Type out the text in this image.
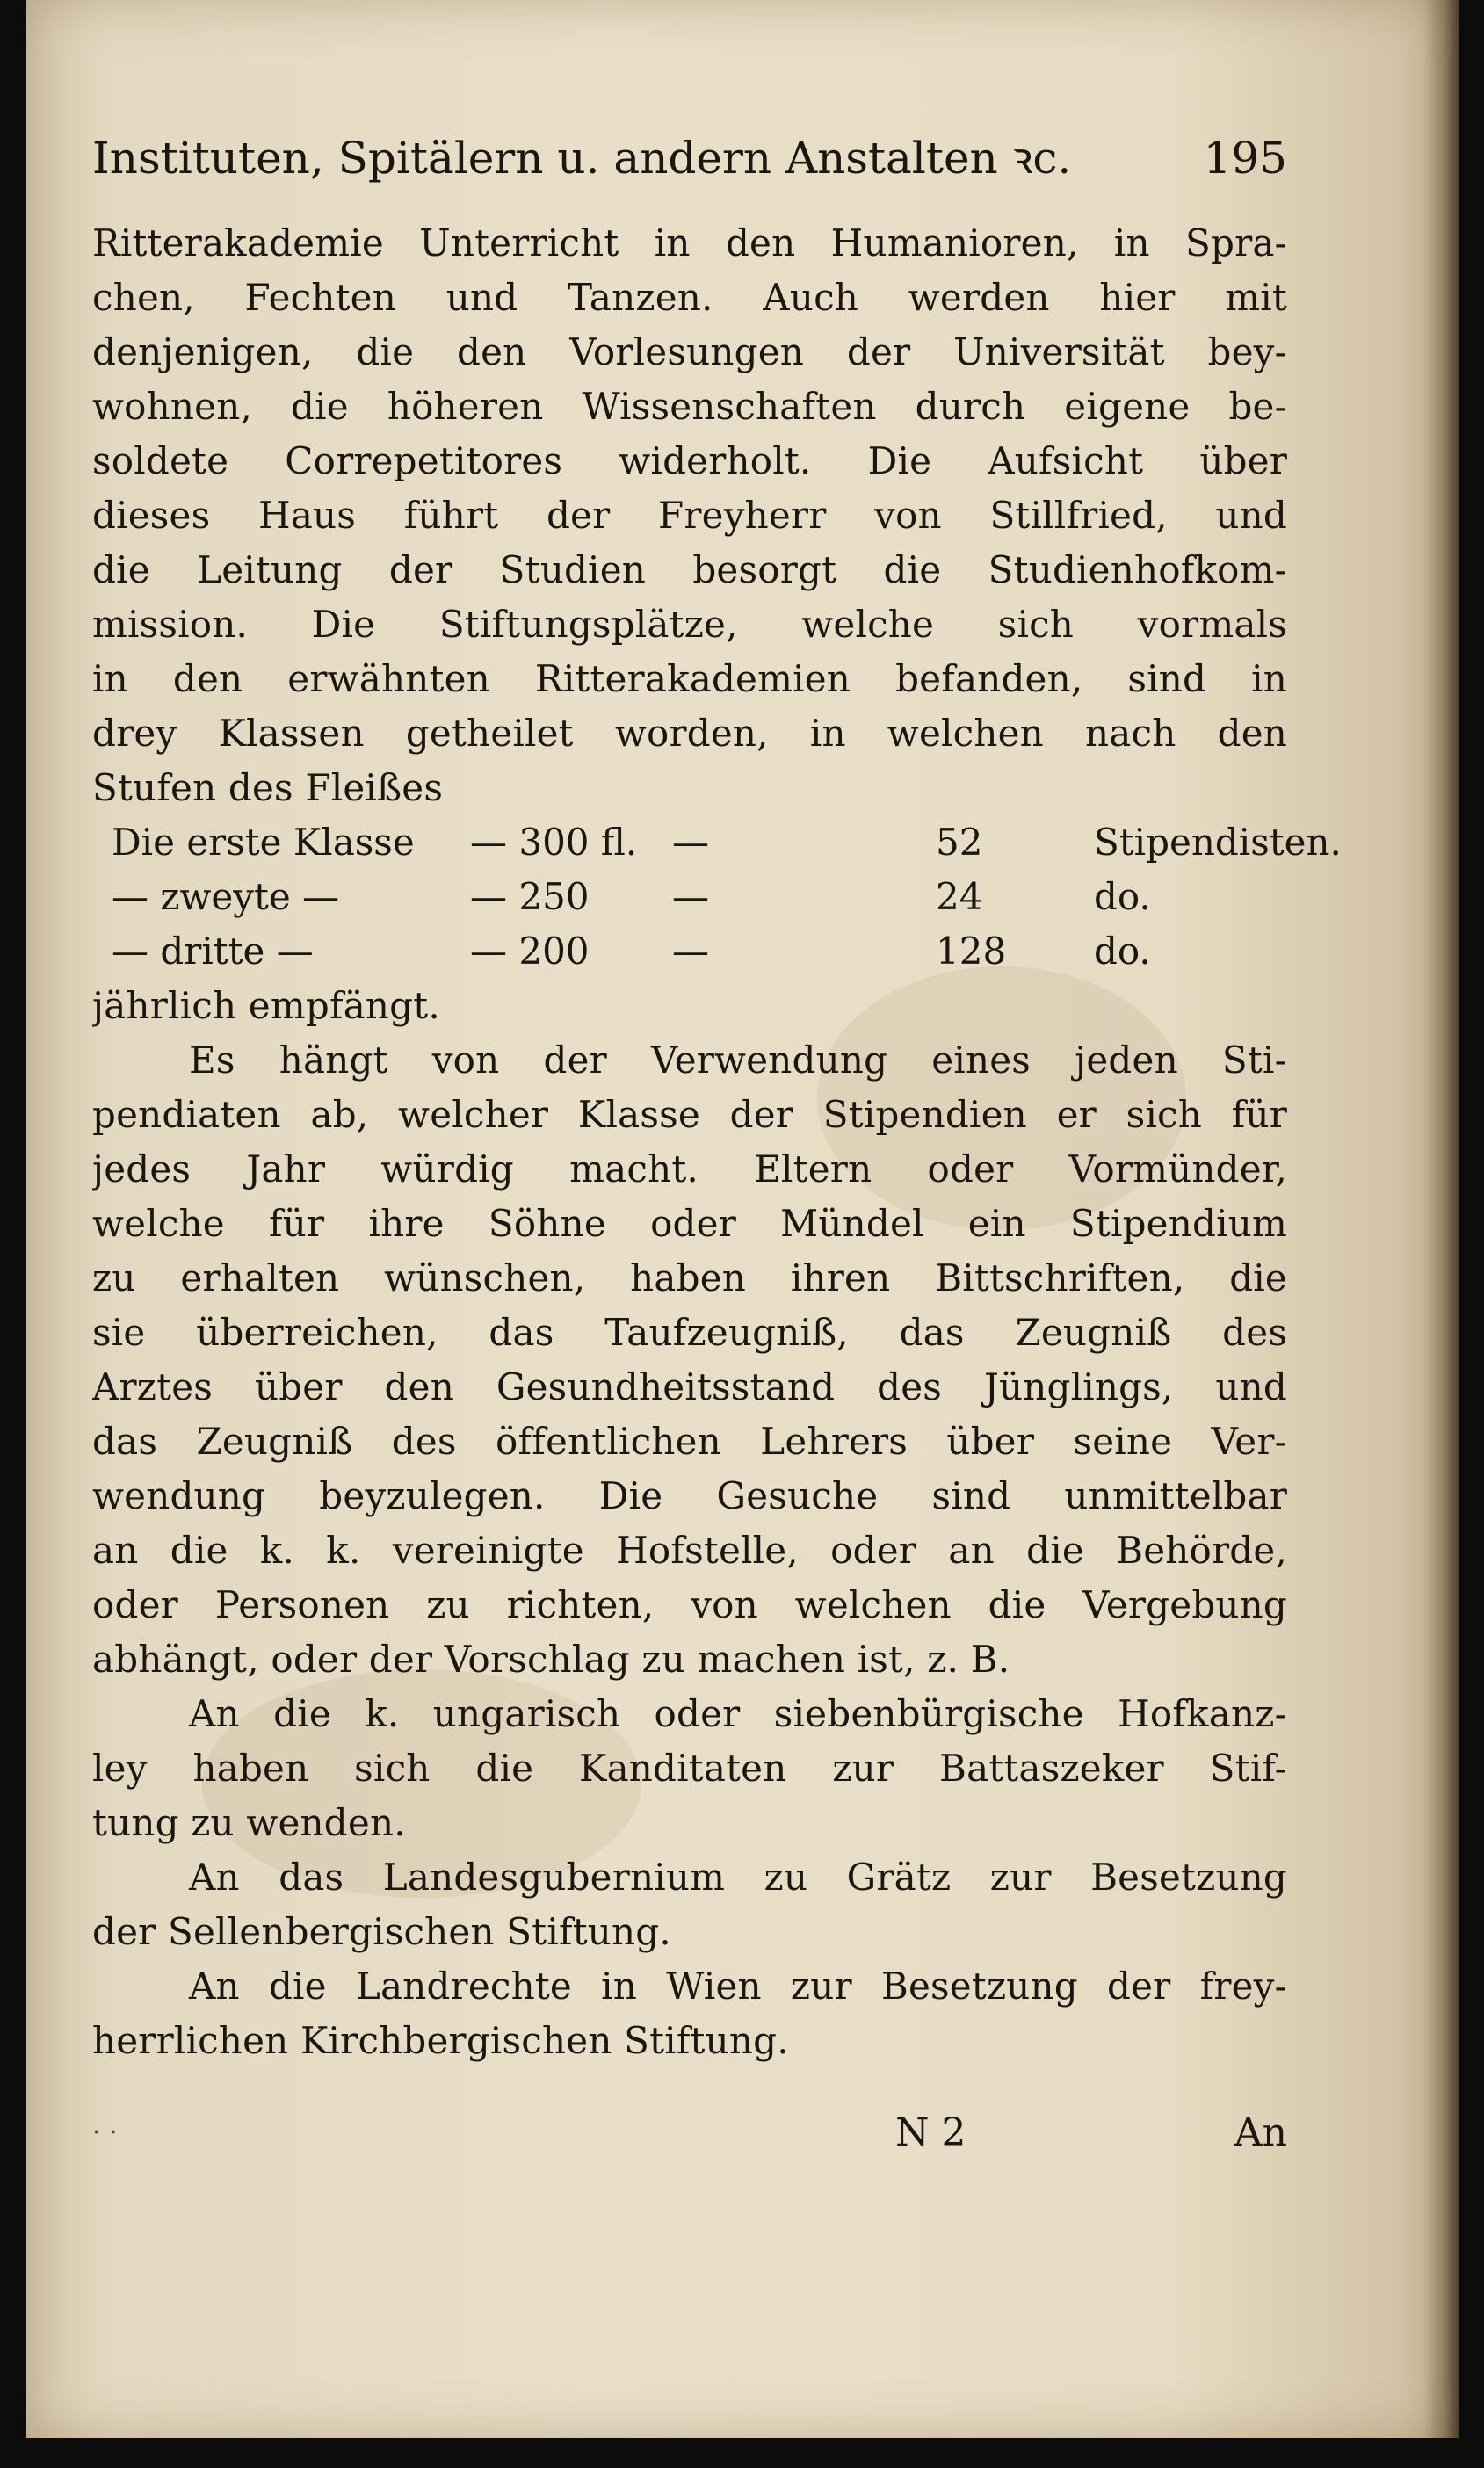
Instituten, Spitälern u. andern Anstalten ꝛc.	195
Ritterakademie Unterricht in den Humanioren, in Spra-
chen, Fechten und Tanzen. Auch werden hier mit
denjenigen, die den Vorlesungen der Universität bey-
wohnen, die höheren Wissenschaften durch eigene be-
soldete Correpetitores widerholt. Die Aufsicht über
dieses Haus führt der Freyherr von Stillfried, und
die Leitung der Studien besorgt die Studienhofkom-
mission. Die Stiftungsplätze, welche sich vormals
in den erwähnten Ritterakademien befanden, sind in
drey Klassen getheilet worden, in welchen nach den
Stufen des Fleißes
Die erste Klasse	— 300 fl. —	52	Stipendisten.
— zweyte —	— 250	—	24	do.
— dritte —	— 200	—	128	do.
jährlich empfängt.
Es hängt von der Verwendung eines jeden Sti-
pendiaten ab, welcher Klasse der Stipendien er sich für
jedes Jahr würdig macht. Eltern oder Vormünder,
welche für ihre Söhne oder Mündel ein Stipendium
zu erhalten wünschen, haben ihren Bittschriften, die
sie überreichen, das Taufzeugniß, das Zeugniß des
Arztes über den Gesundheitsstand des Jünglings, und
das Zeugniß des öffentlichen Lehrers über seine Ver-
wendung beyzulegen. Die Gesuche sind unmittelbar
an die k. k. vereinigte Hofstelle, oder an die Behörde,
oder Personen zu richten, von welchen die Vergebung
abhängt, oder der Vorschlag zu machen ist, z. B.
An die k. ungarisch oder siebenbürgische Hofkanz-
ley haben sich die Kanditaten zur Battaszeker Stif-
tung zu wenden.
An das Landesgubernium zu Grätz zur Besetzung
der Sellenbergischen Stiftung.
An die Landrechte in Wien zur Besetzung der frey-
herrlichen Kirchbergischen Stiftung.
· ·	N 2	An
